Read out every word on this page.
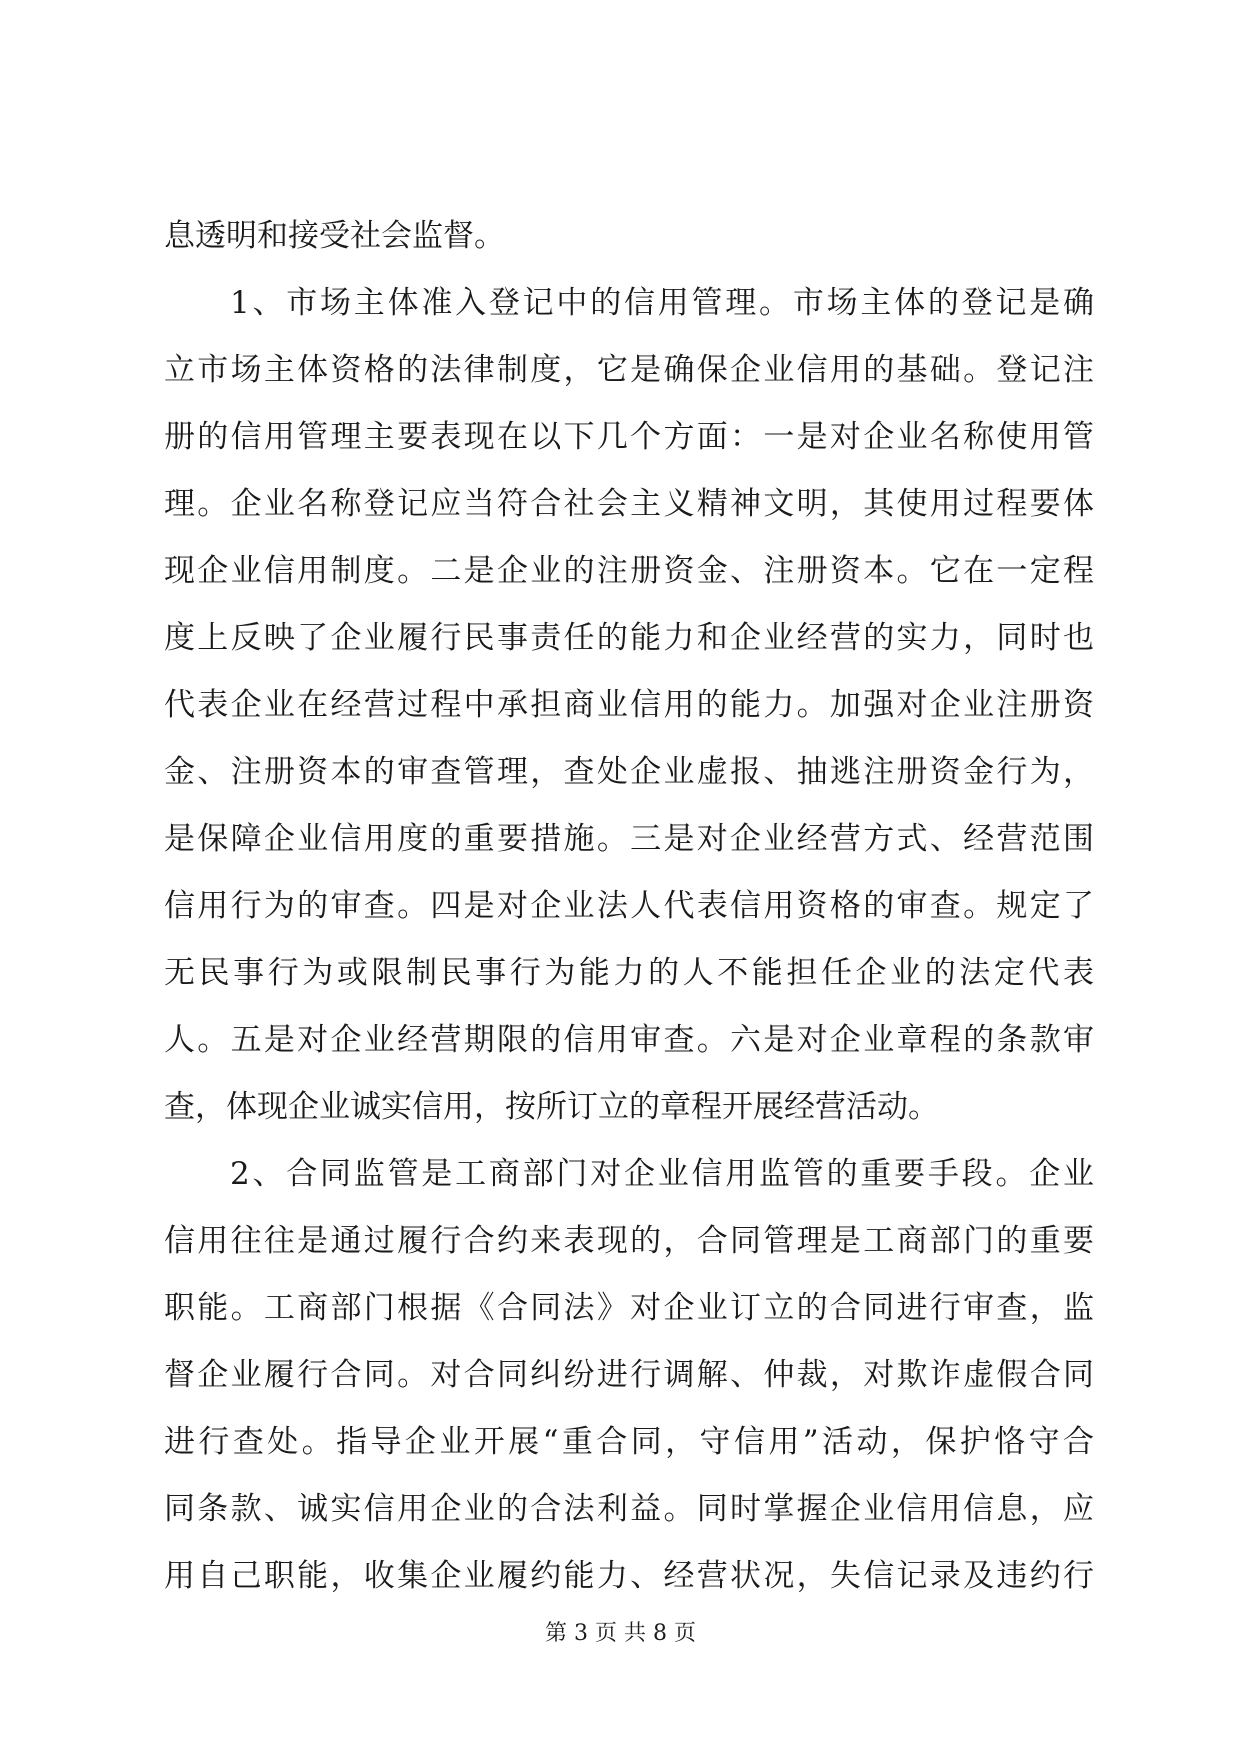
息透明和接受社会监督。
1、市场主体准入登记中的信用管理。市场主体的登记是确
立市场主体资格的法律制度，它是确保企业信用的基础。登记注
册的信用管理主要表现在以下几个方面：一是对企业名称使用管
理。企业名称登记应当符合社会主义精神文明，其使用过程要体
现企业信用制度。二是企业的注册资金、注册资本。它在一定程
度上反映了企业履行民事责任的能力和企业经营的实力，同时也
代表企业在经营过程中承担商业信用的能力。加强对企业注册资
金、注册资本的审查管理，查处企业虚报、抽逃注册资金行为，
是保障企业信用度的重要措施。三是对企业经营方式、经营范围
信用行为的审查。四是对企业法人代表信用资格的审查。规定了
无民事行为或限制民事行为能力的人不能担任企业的法定代表
人。五是对企业经营期限的信用审查。六是对企业章程的条款审
查，体现企业诚实信用，按所订立的章程开展经营活动。
2、合同监管是工商部门对企业信用监管的重要手段。企业
信用往往是通过履行合约来表现的，合同管理是工商部门的重要
职能。工商部门根据《合同法》对企业订立的合同进行审查，监
督企业履行合同。对合同纠纷进行调解、仲裁，对欺诈虚假合同
进行查处。指导企业开展“重合同，守信用”活动，保护恪守合
同条款、诚实信用企业的合法利益。同时掌握企业信用信息，应
用自己职能，收集企业履约能力、经营状况，失信记录及违约行
第 3 页 共 8 页
